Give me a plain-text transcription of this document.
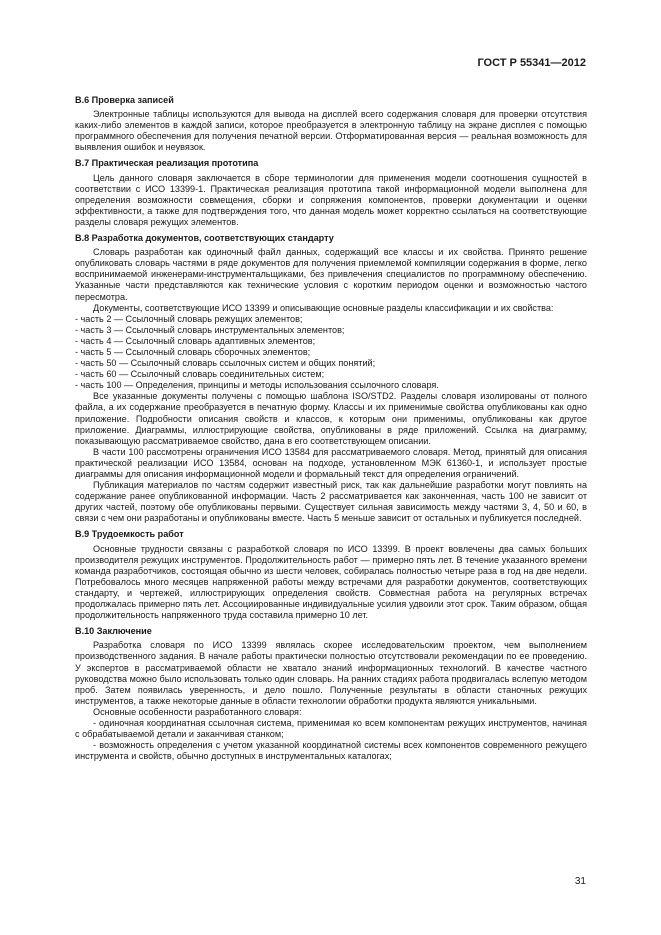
ГОСТ Р 55341—2012
В.6 Проверка записей

Электронные таблицы используются для вывода на дисплей всего содержания словаря для проверки отсутствия каких-либо элементов в каждой записи, которое преобразуется в электронную таблицу на экране дисплея с помощью программного обеспечения для получения печатной версии. Отформатированная версия — реальная возможность для выявления ошибок и неувязок.

В.7 Практическая реализация прототипа

Цель данного словаря заключается в сборе терминологии для применения модели соотношения сущностей в соответствии с ИСО 13399-1. Практическая реализация прототипа такой информационной модели выполнена для определения возможности совмещения, сборки и сопряжения компонентов, проверки документации и оценки эффективности, а также для подтверждения того, что данная модель может корректно ссылаться на соответствующие разделы словаря режущих элементов.

В.8 Разработка документов, соответствующих стандарту

Словарь разработан как одиночный файл данных, содержащий все классы и их свойства. Принято решение опубликовать словарь частями в ряде документов для получения приемлемой компиляции содержания в форме, легко воспринимаемой инженерами-инструментальщиками, без привлечения специалистов по программному обеспечению. Указанные части представляются как технические условия с коротким периодом оценки и возможностью частого пересмотра.

Документы, соответствующие ИСО 13399 и описывающие основные разделы классификации и их свойства:

- часть 2 — Ссылочный словарь режущих элементов;
- часть 3 — Ссылочный словарь инструментальных элементов;
- часть 4 — Ссылочный словарь адаптивных элементов;
- часть 5 — Ссылочный словарь сборочных элементов;
- часть 50 — Ссылочный словарь ссылочных систем и общих понятий;
- часть 60 — Ссылочный словарь соединительных систем;
- часть 100 — Определения, принципы и методы использования ссылочного словаря.

Все указанные документы получены с помощью шаблона ISO/STD2. Разделы словаря изолированы от полного файла, а их содержание преобразуется в печатную форму. Классы и их применимые свойства опубликованы как одно приложение. Подробности описания свойств и классов, к которым они применимы, опубликованы как другое приложение. Диаграммы, иллюстрирующие свойства, опубликованы в ряде приложений. Ссылка на диаграмму, показывающую рассматриваемое свойство, дана в его соответствующем описании.

В части 100 рассмотрены ограничения ИСО 13584 для рассматриваемого словаря. Метод, принятый для описания практической реализации ИСО 13584, основан на подходе, установленном МЭК 61360-1, и использует простые диаграммы для описания информационной модели и формальный текст для определения ограничений.

Публикация материалов по частям содержит известный риск, так как дальнейшие разработки могут повлиять на содержание ранее опубликованной информации. Часть 2 рассматривается как законченная, часть 100 не зависит от других частей, поэтому обе опубликованы первыми. Существует сильная зависимость между частями 3, 4, 50 и 60, в связи с чем они разработаны и опубликованы вместе. Часть 5 меньше зависит от остальных и публикуется последней.

В.9 Трудоемкость работ

Основные трудности связаны с разработкой словаря по ИСО 13399. В проект вовлечены два самых больших производителя режущих инструментов. Продолжительность работ — примерно пять лет. В течение указанного времени команда разработчиков, состоящая обычно из шести человек, собиралась полностью четыре раза в год на две недели. Потребовалось много месяцев напряженной работы между встречами для разработки документов, соответствующих стандарту, и чертежей, иллюстрирующих определения свойств. Совместная работа на регулярных встречах продолжалась примерно пять лет. Ассоциированные индивидуальные усилия удвоили этот срок. Таким образом, общая продолжительность напряженного труда составила примерно 10 лет.

В.10 Заключение

Разработка словаря по ИСО 13399 являлась скорее исследовательским проектом, чем выполнением производственного задания. В начале работы практически полностью отсутствовали рекомендации по ее проведению. У экспертов в рассматриваемой области не хватало знаний информационных технологий. В качестве частного руководства можно было использовать только один словарь. На ранних стадиях работа продвигалась вслепую методом проб. Затем появилась уверенность, и дело пошло. Полученные результаты в области станочных режущих инструментов, а также некоторые данные в области технологии обработки продукта являются уникальными.

Основные особенности разработанного словаря:

- одиночная координатная ссылочная система, применимая ко всем компонентам режущих инструментов, начиная с обрабатываемой детали и заканчивая станком;

- возможность определения с учетом указанной координатной системы всех компонентов современного режущего инструмента и свойств, обычно доступных в инструментальных каталогах;

31
